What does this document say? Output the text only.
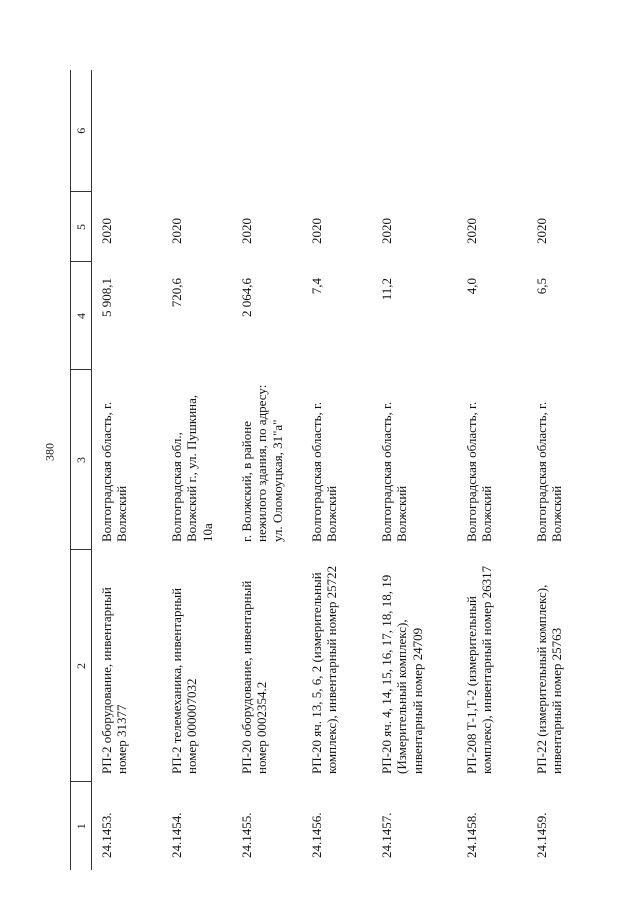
380
1	2	3	4	5	6
24.1453.	РП-2 оборудование, инвентарный номер 31377	Волгоградская область, г. Волжский	5 908,1	2020	
24.1454.	РП-2 телемеханика, инвентарный номер 000007032	Волгоградская обл., Волжский г., ул. Пушкина, 10а	720,6	2020	
24.1455.	РП-20 оборудование, инвентарный номер 0002354.2	г. Волжский, в районе нежилого здания, по адресу: ул. Оломоуцкая, 31"а"	2 064,6	2020	
24.1456.	РП-20 яч. 13, 5, 6, 2 (измерительный комплекс), инвентарный номер 25722	Волгоградская область, г. Волжский	7,4	2020	
24.1457.	РП-20 яч. 4, 14, 15, 16, 17, 18, 18, 19 (Измерительный комплекс), инвентарный номер 24709	Волгоградская область, г. Волжский	11,2	2020	
24.1458.	РП-208 Т-1,Т-2 (измерительный комплекс), инвентарный номер 26317	Волгоградская область, г. Волжский	4,0	2020	
24.1459.	РП-22 (измерительный комплекс), инвентарный номер 25763	Волгоградская область, г. Волжский	6,5	2020	
